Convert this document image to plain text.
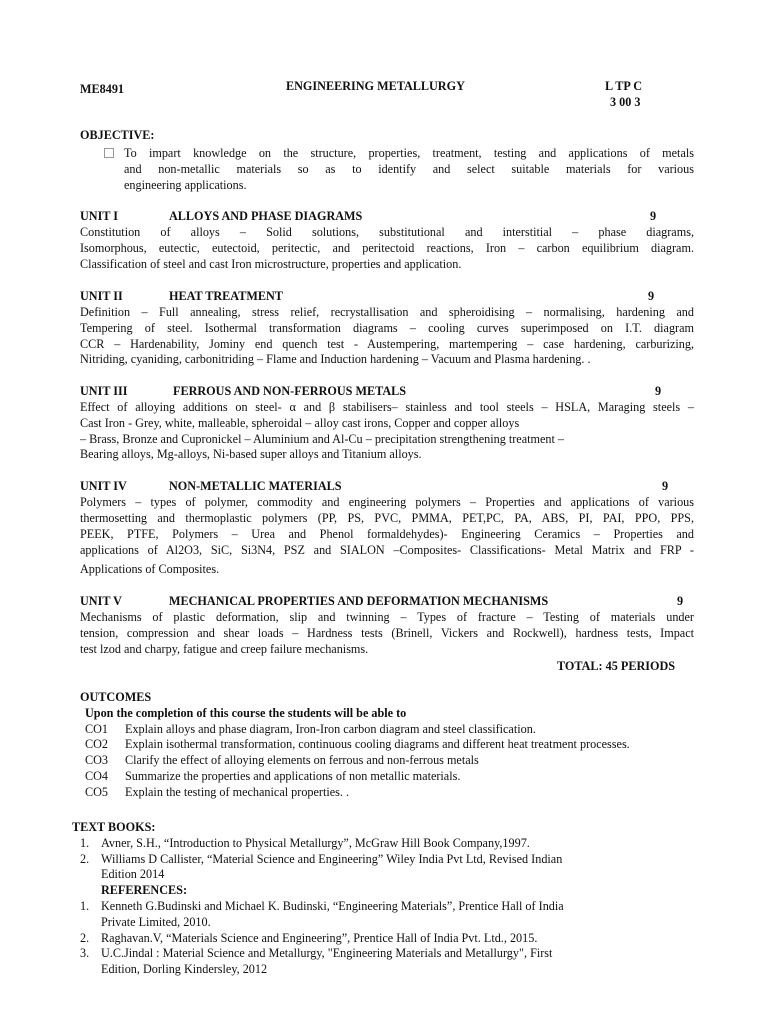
ME8491	ENGINEERING METALLURGY	L TP C
3 00 3
OBJECTIVE:
To impart knowledge on the structure, properties, treatment, testing and applications of metals
and non-metallic materials so as to identify and select suitable materials for various
engineering applications.
UNIT I	ALLOYS AND PHASE DIAGRAMS	9
Constitution of alloys – Solid solutions, substitutional and interstitial – phase diagrams,
Isomorphous, eutectic, eutectoid, peritectic, and peritectoid reactions, Iron – carbon equilibrium diagram.
Classification of steel and cast Iron microstructure, properties and application.
UNIT II	HEAT TREATMENT	9
Definition – Full annealing, stress relief, recrystallisation and spheroidising – normalising, hardening and
Tempering of steel. Isothermal transformation diagrams – cooling curves superimposed on I.T. diagram
CCR – Hardenability, Jominy end quench test - Austempering, martempering – case hardening, carburizing,
Nitriding, cyaniding, carbonitriding – Flame and Induction hardening – Vacuum and Plasma hardening. .
UNIT III	FERROUS AND NON-FERROUS METALS	9
Effect of alloying additions on steel- α and β stabilisers– stainless and tool steels – HSLA, Maraging steels –
Cast Iron - Grey, white, malleable, spheroidal – alloy cast irons, Copper and copper alloys
– Brass, Bronze and Cupronickel – Aluminium and Al-Cu – precipitation strengthening treatment –
Bearing alloys, Mg-alloys, Ni-based super alloys and Titanium alloys.
UNIT IV	NON-METALLIC MATERIALS	9
Polymers – types of polymer, commodity and engineering polymers – Properties and applications of various
thermosetting and thermoplastic polymers (PP, PS, PVC, PMMA, PET,PC, PA, ABS, PI, PAI, PPO, PPS,
PEEK, PTFE, Polymers – Urea and Phenol formaldehydes)- Engineering Ceramics – Properties and
applications of Al2O3, SiC, Si3N4, PSZ and SIALON –Composites- Classifications- Metal Matrix and FRP -
Applications of Composites.
UNIT V	MECHANICAL PROPERTIES AND DEFORMATION MECHANISMS	9
Mechanisms of plastic deformation, slip and twinning – Types of fracture – Testing of materials under
tension, compression and shear loads – Hardness tests (Brinell, Vickers and Rockwell), hardness tests, Impact
test lzod and charpy, fatigue and creep failure mechanisms.
TOTAL: 45 PERIODS
OUTCOMES
Upon the completion of this course the students will be able to
CO1 Explain alloys and phase diagram, Iron-Iron carbon diagram and steel classification.
CO2 Explain isothermal transformation, continuous cooling diagrams and different heat treatment processes.
CO3 Clarify the effect of alloying elements on ferrous and non-ferrous metals
CO4 Summarize the properties and applications of non metallic materials.
CO5 Explain the testing of mechanical properties. .
TEXT BOOKS:
1. Avner, S.H., “Introduction to Physical Metallurgy”, McGraw Hill Book Company,1997.
2. Williams D Callister, “Material Science and Engineering” Wiley India Pvt Ltd, Revised Indian
Edition 2014
REFERENCES:
1. Kenneth G.Budinski and Michael K. Budinski, “Engineering Materials”, Prentice Hall of India
Private Limited, 2010.
2. Raghavan.V, “Materials Science and Engineering”, Prentice Hall of India Pvt. Ltd., 2015.
3. U.C.Jindal : Material Science and Metallurgy, "Engineering Materials and Metallurgy", First
Edition, Dorling Kindersley, 2012
